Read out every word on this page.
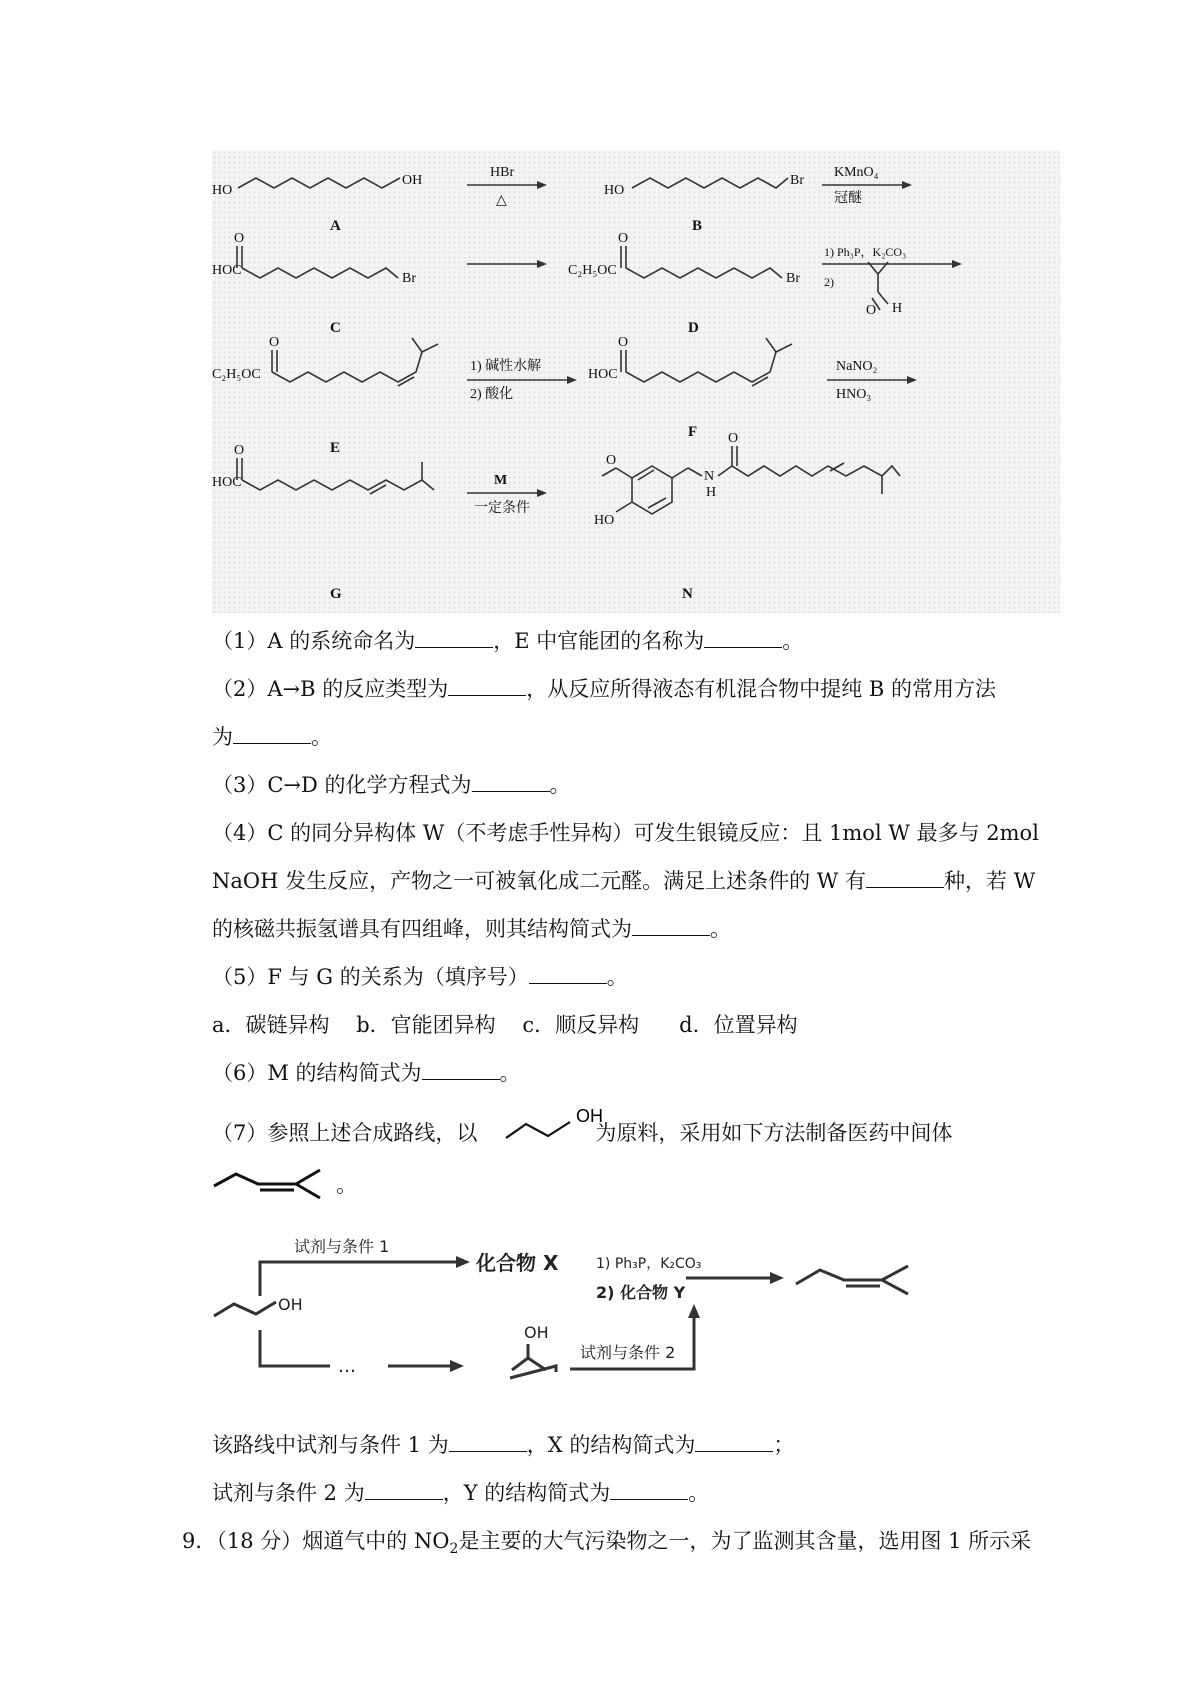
HO
OH
HO
Br
HOC
O
Br
C₂H₅OC
O
Br
O H
C₂H₅OC
O
HOC
O
HOC
O
O
HO
N
H
O
HBr
△
KMnO₄
冠醚
1) Ph₃P，K₂CO₃
2)
1) 碱性水解
2) 酸化
NaNO₂
HNO₃
M
一定条件
A	B
C	D
E
F
G	N
（1）A 的系统命名为	，E 中官能团的名称为	。
（2）A→B 的反应类型为	，从反应所得液态有机混合物中提纯 B 的常用方法
为	。
（3）C→D 的化学方程式为	。
（4）C 的同分异构体 W（不考虑手性异构）可发生银镜反应：且 1mol W 最多与 2mol
NaOH 发生反应，产物之一可被氧化成二元醛。满足上述条件的 W 有	种，若 W
的核磁共振氢谱具有四组峰，则其结构简式为	。
（5）F 与 G 的关系为（填序号）	。
a．碳链异构    b．官能团异构    c．顺反异构      d．位置异构
（6）M 的结构简式为	。
（7）参照上述合成路线，以	为原料，采用如下方法制备医药中间体
OH
。
试剂与条件 1
化合物 X	1) Ph₃P，K₂CO₃
2) 化合物 Y
OH
…
OH
试剂与条件 2
该路线中试剂与条件 1 为	，X 的结构简式为	；
试剂与条件 2 为	，Y 的结构简式为	。
9．（18 分）烟道气中的 $NO_2$是主要的大气污染物之一，为了监测其含量，选用图 1 所示采
